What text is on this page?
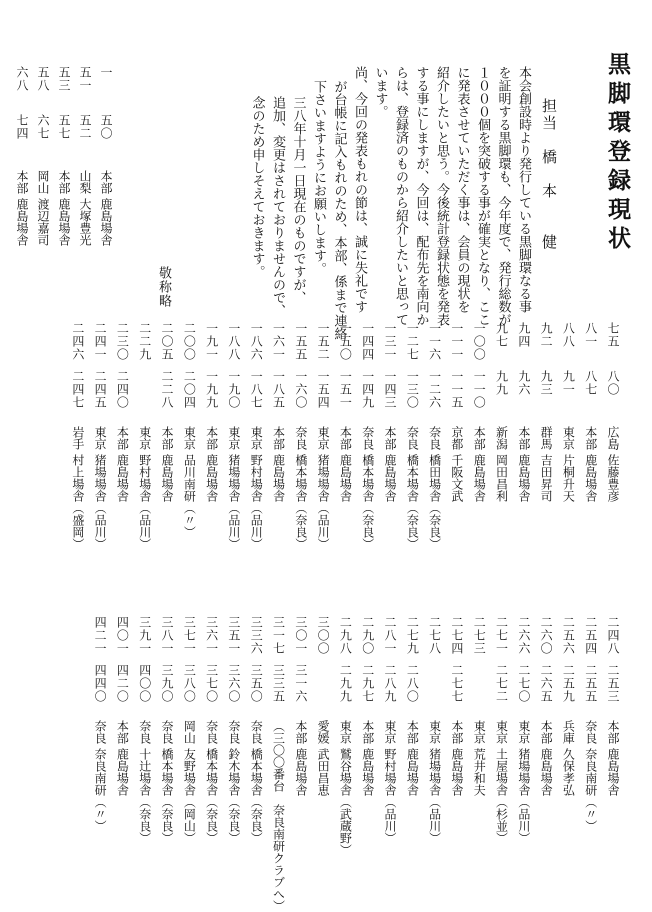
黒脚環登録現状
担当　橋　本　　健
本会創設時より発行している黒脚環なる事
を証明する黒脚環も、今年度で、発行総数が
１０００個を突破する事が確実となり、ここ
に発表させていただく事は、会員の現状を
紹介したいと思う。今後統計登録状態を発表
する事にしますが、今回は、配布先を南向か
らは、登録済のものから紹介したいと思って
います。
尚、今回の発表もれの節は、誠に失礼です
が台帳に記入もれのため、本部、係まで連絡
下さいますようにお願いします。
三八年十月一日現在のものですが、
追加、変更はされておりませんので、
念のため申しそえておきます。
敬称略
七五
八〇
広島
佐藤豊彦
八一
八七
本部
鹿島場舎
八八
九一
東京
片桐升天
九二
九三
群馬
吉田昇司
九四
九六
本部
鹿島場舎
九七
九九
新潟
岡田昌利
一〇〇
一一〇
本部
鹿島場舎
一一一
一一五
京都
千阪文武
一一六
一二六
奈良
橋田場舎（奈良）
一二七
一三〇
奈良
橋本場舎（奈良）
一三一
一四三
本部
鹿島場舎
一四四
一四九
奈良
橋本場舎（奈良）
一五〇
一五一
本部
鹿島場舎
一五二
一五四
東京
猪場場舎（品川）
一五五
一六〇
奈良
橋本場舎（奈良）
一六一
一八五
本部
鹿島場舎
一八六
一八七
東京
野村場舎（品川）
一八八
一九〇
東京
猪場場舎（品川）
一九一
一九九
本部
鹿島場舎
二〇〇
二〇四
東京
品川南研（〃）
二〇五
二二八
本部
鹿島場舎
二二九
東京
野村場舎（品川）
二三〇
二四〇
本部
鹿島場舎
二四一
二四五
東京
猪場場舎（品川）
二四六
二四七
岩手
村上場舎（盛岡）
二四八
二五三
本部
鹿島場舎
二五四
二五五
奈良
奈良南研（〃）
二五六
二五九
兵庫
久保孝弘
二六〇
二六五
本部
鹿島場舎
二六六
二七〇
東京
猪場場舎（品川）
二七一
二七二
東京
土屋場舎（杉並）
二七三
東京
荒井和夫
二七四
二七七
本部
鹿島場舎
二七八
東京
猪場場舎（品川）
二七九
二八〇
本部
鹿島場舎
二八一
二八九
東京
野村場舎（品川）
二九〇
二九七
本部
鹿島場舎
二九八
二九九
東京
鷲谷場舎（武蔵野）
三〇〇
愛媛
武田昌恵
三〇一
三一六
本部
鹿島場舎
三一七
三三五
（三〇〇番台　奈良南研クラブへ）
三三六
三五〇
奈良
橋本場舎（奈良）
三五一
三六〇
奈良
鈴木場舎（奈良）
三六一
三七〇
奈良
橋本場舎（奈良）
三七一
三八〇
岡山
友野場舎（岡山）
三八一
三九〇
奈良
橋本場舎（奈良）
三九一
四〇〇
奈良
十辻場舎（奈良）
四〇一
四二〇
本部
鹿島場舎
四二一
四四〇
奈良
奈良南研（〃）
一
五〇
本部
鹿島場舎
五一
五二
山梨
大塚豊光
五三
五七
本部
鹿島場舎
五八
六七
岡山
渡辺嘉司
六八
七四
本部
鹿島場舎
